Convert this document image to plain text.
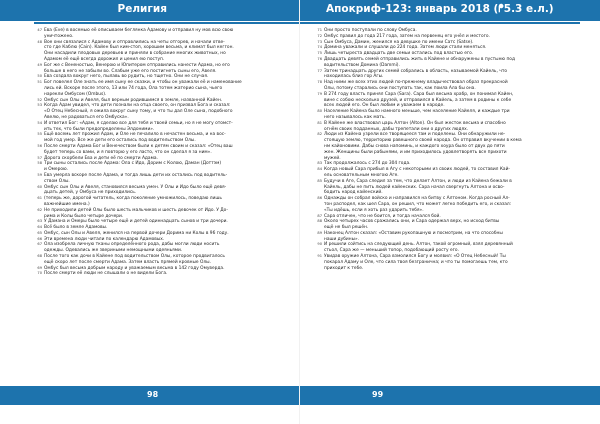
Религия
47 Ева (Eve) в восемью её описываем беглянка Адамову и отправил ну мов всю свою
уничтожено.
48 Вое они связалися с Адамову и отправлились на четы отгорев, и начали отве-
сто где Каблю (Cain). Кайен был ким-стоп, хорошим весьма, и климат был кеггон.
Они насадили плодовых деревьев и приняли в собрание многих животных, но
Адамом её ещё всегда дорожил и ценил ею поступ.
49 Бог же с Вененостью, Венерою и Юпитером отправились нанести Адама, но его
больше в него не забыли во. Слабым уже его постигнеть сыны его, Авеля.
50 Ева создала вокруг него, пылавь во рудить, но тщетно. Они не случая.
51 Бог повелел Оле знать ее имя сыну ее сказки, и чтобы он уважали её и наменование
лись ей. Вскоре после этого, 13 или 74 года, Ола тотем жатерио сына, чьего
нарекли Омбусом (Ombus).
52 Омбус сын Олы и Авеля, был верным родившимся в земле, названной Кайен.
53 Когда Адам увидел, что дети познали на отца своего, он призвал Бога и сказал:
«О Отец Небесный, я ожила вокруг сыну тому, и что ты дал Оле сына, подобного
Авелю, не радоваться его Омбуска».
54 И ответил Бог: «Адам, я сделаю все для тебя и твоей семьи, но я не могу отомст-
ить тех, что были предопределены Элдоними».
55 Ещё восемь лет прожил Адам, и Оле не печалило в нечастен весьма, и на вос-
мой год умер. Все же дети его остались под водительством Олы.
56 После смерти Адама Бог и Венечеством были к детям своим и сказал: «Отец ваш
будет теперь со вами, и я повторю у его ласто, что он сделал я за ним».
57 Дорога скорбели Ева и дети её по смерти Адама.
58 Три сыны остались после Адама: Ола с Идо, Дорим с Колою, Даман (Доттэм)
и Омерою.
59 Ева умерла вскоре после Адама, и тогда лишь дети их остались под водитель-
ством Олы.
60 Омбус сын Олы и Авеля, становился весьма умен. У Олы и Идо было ещё девя-
дцать детей, у Омбуса не приходились.
61 (теперь же, дорогой читатель, когда поколение умножилось, поведаю лишь
важнейшие имена.)
62 Не приходили детей Олы было шесть мальчиков и шесть девочек от Идо. У До-
рима и Колы было четыре дочери.
63 У Дамана и Омеры было четыре ещё и детей одиннадцать сынов и три дочери.
64 Всё было в земле Адамовы.
65 Омбус, сын Олы и Авеля, женился на первой дочери Дорима ни Колы в 96 году.
66 Эти времена люди читали по календарю Адамовых.
67 Ола изобрела личную тканы определённого рода, дабы могли люди носить
одежды. Одевались же звериными немощными одеяньями.
68 После того как дочи в Кайене под водительством Олы, которое продвигалось
ещё скоро лет после смерти Адама. Затем власть прямей кровные Олы.
69 Омбус был весьма добрым народу и уважаемым весьма в 142 году Омуверда.
70 После смерти её люди не слышали о не видели Бога.
98
Апокриф-123: январь 2018 (ᖰ5.3 е.л.)
71 Они просто поступали по слову Омбуса.
72 Омбус правил до года 217 года, затем на первенец его унёл и местого.
73 Сын Омбуса, Дамин, женился на девушке по имени Сатс (Satse).
74 Домина уважали и слушали до 224 года. Затем люди стали меняться.
75 Лишь четыреста двадцать две семьи остались под властью его.
76 Двадцать девять семей отправились жить в Кайене и обнаружены в пустыню под
водительством Домина (Dammi).
77 Затем тринадцать других семей собрались в область, называемой Кайель, что
находилась близ гор Агы.
78 Над ними же всех этих людей по-прежнему владычествовал образ прекрасной
Олы, потому старались они поступать так, как поила Ала бы она.
79 В 274 году власть принял Сара (Sara). Сара был весьма храбр, он понимал Кайен,
вине с собою несколько друзей, и отправился в Кайель, а затем в родины к себе
всех людей его. Он был любим и уважаем в народе.
80 Население Кайена было намного меньше, чем население Кайеля, и каждые три
него называлось как мать.
81 В Кайене же властвовал царь Алтон (Alton). Он был жесток весьма и спасобно
огнём своих подданных, дабы трепетали они о других людях.
82 Люди из Кайена узрели все творящееся там и поделены. Они обнаружили не-
стоящую землю, территорию равешного своей народа. Он отправил вкучении в кема
нм кайоновими. Дабы снова напоминь, и каждого хоура было от двух до пяти
жен. Женщины были рабынями, и им приходилось удовлетворять все прихоти
мужей.
83 Так продолжалось с 274 до 304 года.
84 Когда новый Сара прибыл в Агу с некоторыми из своих людей, то составил Кай-
ель основательным многою Аге.
85 Будучи в Аге, Сара следил за тем, что делает Алтон, и люди из Кайена бежали в
Кайель, дабы не пить людей кайенских. Сара начал свергнуть Алтона и осво-
бодить народ кайенский.
86 Однажды он собрал войско и направился на битву с Алтоном. Когда росный Ал-
тон расподел, как шел Сара, он решил, что может легко победить его, и сказал:
«Ты идёшь, если я хоть раз ударить тебя».
87 Сара отличен, что не боится, и тогда начался бой.
88 Около четырех часов сражались они, и Сара одержал верх, но исход битвы
ещё не был решён.
89 Наконец Алтон сказал: «Оставим рукопашную и посмотрим, на что способны
наши дубины».
90 И решили сойтись на следующий день. Алтон, такой огромный, взял деревянный
стьол, Сара же — меньший топор, подобающий росту его.
91 Увидав оружие Алтона, Сара взмолился Богу и молвил: «О Отец Небесный! Ты
покарал Адаму и Оле, что сила твоя безгранична; и что ты помогаешь тем, кто
приходит к тебе.
99
